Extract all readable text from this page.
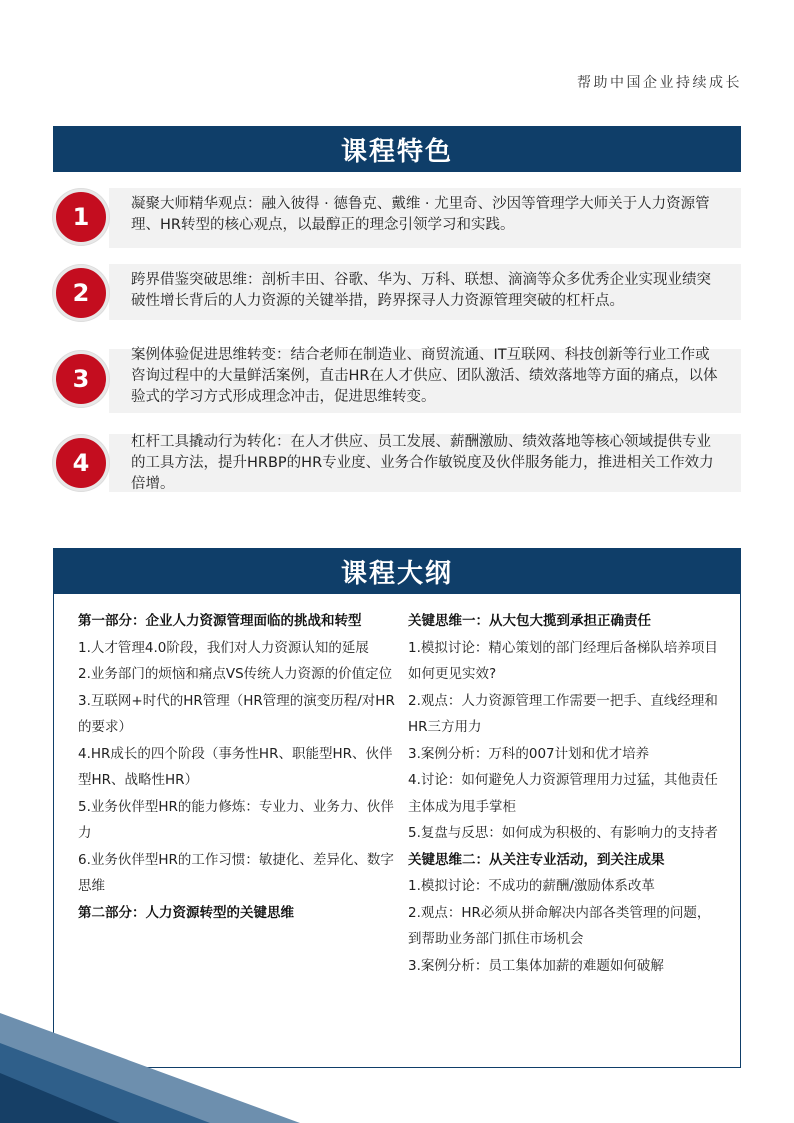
帮助中国企业持续成长
课程特色
1	凝聚大师精华观点：融入彼得 · 德鲁克、戴维 · 尤里奇、沙因等管理学大师关于人力资源管理、HR转型的核心观点，以最醇正的理念引领学习和实践。
2	跨界借鉴突破思维：剖析丰田、谷歌、华为、万科、联想、滴滴等众多优秀企业实现业绩突破性增长背后的人力资源的关键举措，跨界探寻人力资源管理突破的杠杆点。
3
案例体验促进思维转变：结合老师在制造业、商贸流通、IT互联网、科技创新等行业工作或咨询过程中的大量鲜活案例，直击HR在人才供应、团队激活、绩效落地等方面的痛点，以体验式的学习方式形成理念冲击，促进思维转变。
4
杠杆工具撬动行为转化：在人才供应、员工发展、薪酬激励、绩效落地等核心领域提供专业的工具方法，提升HRBP的HR专业度、业务合作敏锐度及伙伴服务能力，推进相关工作效力倍增。
课程大纲
第一部分：企业人力资源管理面临的挑战和转型
1.人才管理4.0阶段，我们对人力资源认知的延展
2.业务部门的烦恼和痛点VS传统人力资源的价值定位
3.互联网+时代的HR管理（HR管理的演变历程/对HR的要求）
4.HR成长的四个阶段（事务性HR、职能型HR、伙伴型HR、战略性HR）
5.业务伙伴型HR的能力修炼：专业力、业务力、伙伴力
6.业务伙伴型HR的工作习惯：敏捷化、差异化、数字思维
第二部分：人力资源转型的关键思维
关键思维一：从大包大揽到承担正确责任
1.模拟讨论：精心策划的部门经理后备梯队培养项目如何更见实效?
2.观点：人力资源管理工作需要一把手、直线经理和HR三方用力
3.案例分析：万科的007计划和优才培养
4.讨论：如何避免人力资源管理用力过猛，其他责任主体成为甩手掌柜
5.复盘与反思：如何成为积极的、有影响力的支持者
关键思维二：从关注专业活动，到关注成果
1.模拟讨论：不成功的薪酬/激励体系改革
2.观点：HR必须从拼命解决内部各类管理的问题，到帮助业务部门抓住市场机会
3.案例分析：员工集体加薪的难题如何破解
